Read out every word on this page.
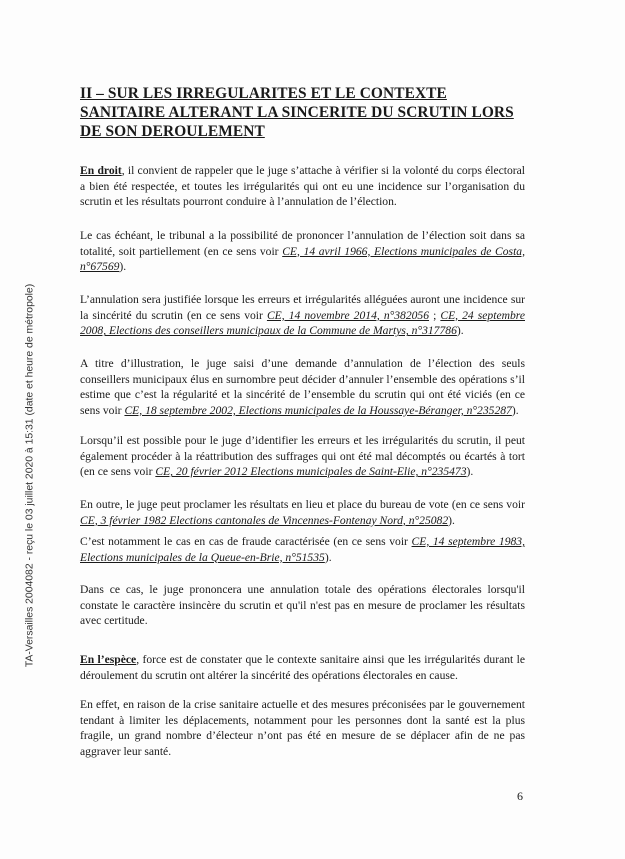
II – SUR LES IRREGULARITES ET LE CONTEXTE
SANITAIRE ALTERANT LA SINCERITE DU SCRUTIN LORS
DE SON DEROULEMENT

En droit, il convient de rappeler que le juge s’attache à vérifier si la volonté du corps électoral a bien été respectée, et toutes les irrégularités qui ont eu une incidence sur l’organisation du scrutin et les résultats pourront conduire à l’annulation de l’élection.

Le cas échéant, le tribunal a la possibilité de prononcer l’annulation de l’élection soit dans sa totalité, soit partiellement (en ce sens voir CE, 14 avril 1966, Elections municipales de Costa, n°67569).

L’annulation sera justifiée lorsque les erreurs et irrégularités alléguées auront une incidence sur la sincérité du scrutin (en ce sens voir CE, 14 novembre 2014, n°382056 ; CE, 24 septembre 2008, Elections des conseillers municipaux de la Commune de Martys, n°317786).

A titre d’illustration, le juge saisi d’une demande d’annulation de l’élection des seuls conseillers municipaux élus en surnombre peut décider d’annuler l’ensemble des opérations s’il estime que c’est la régularité et la sincérité de l’ensemble du scrutin qui ont été viciés (en ce sens voir CE, 18 septembre 2002, Elections municipales de la Houssaye-Béranger, n°235287).

Lorsqu’il est possible pour le juge d’identifier les erreurs et les irrégularités du scrutin, il peut également procéder à la réattribution des suffrages qui ont été mal décomptés ou écartés à tort (en ce sens voir CE, 20 février 2012 Elections municipales de Saint-Elie, n°235473).

En outre, le juge peut proclamer les résultats en lieu et place du bureau de vote (en ce sens voir CE, 3 février 1982 Elections cantonales de Vincennes-Fontenay Nord, n°25082).

C’est notamment le cas en cas de fraude caractérisée (en ce sens voir CE, 14 septembre 1983, Elections municipales de la Queue-en-Brie, n°51535).

Dans ce cas, le juge prononcera une annulation totale des opérations électorales lorsqu'il constate le caractère insincère du scrutin et qu'il n'est pas en mesure de proclamer les résultats avec certitude.

En l’espèce, force est de constater que le contexte sanitaire ainsi que les irrégularités durant le déroulement du scrutin ont altérer la sincérité des opérations électorales en cause.

En effet, en raison de la crise sanitaire actuelle et des mesures préconisées par le gouvernement tendant à limiter les déplacements, notamment pour les personnes dont la santé est la plus fragile, un grand nombre d’électeur n’ont pas été en mesure de se déplacer afin de ne pas aggraver leur santé.

TA-Versailles 2004082 - reçu le 03 juillet 2020 à 15:31 (date et heure de métropole)
6
